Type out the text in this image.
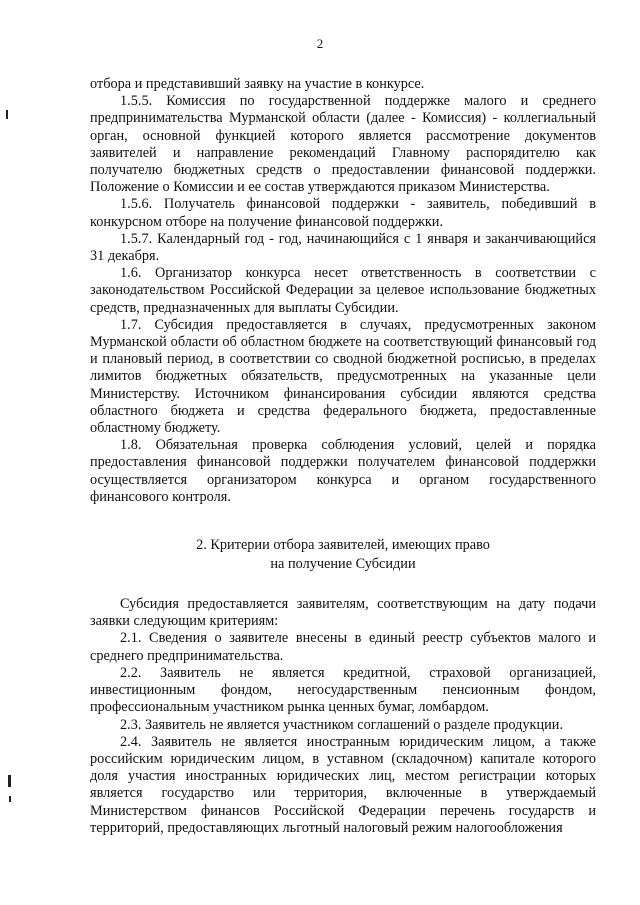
2

отбора и представивший заявку на участие в конкурсе.

1.5.5. Комиссия по государственной поддержке малого и среднего предпринимательства Мурманской области (далее - Комиссия) - коллегиальный орган, основной функцией которого является рассмотрение документов заявителей и направление рекомендаций Главному распорядителю как получателю бюджетных средств о предоставлении финансовой поддержки. Положение о Комиссии и ее состав утверждаются приказом Министерства.

1.5.6. Получатель финансовой поддержки - заявитель, победивший в конкурсном отборе на получение финансовой поддержки.

1.5.7. Календарный год - год, начинающийся с 1 января и заканчивающийся 31 декабря.

1.6. Организатор конкурса несет ответственность в соответствии с законодательством Российской Федерации за целевое использование бюджетных средств, предназначенных для выплаты Субсидии.

1.7. Субсидия предоставляется в случаях, предусмотренных законом Мурманской области об областном бюджете на соответствующий финансовый год и плановый период, в соответствии со сводной бюджетной росписью, в пределах лимитов бюджетных обязательств, предусмотренных на указанные цели Министерству. Источником финансирования субсидии являются средства областного бюджета и средства федерального бюджета, предоставленные областному бюджету.

1.8. Обязательная проверка соблюдения условий, целей и порядка предоставления финансовой поддержки получателем финансовой поддержки осуществляется организатором конкурса и органом государственного финансового контроля.

2. Критерии отбора заявителей, имеющих право
на получение Субсидии

Субсидия предоставляется заявителям, соответствующим на дату подачи заявки следующим критериям:

2.1. Сведения о заявителе внесены в единый реестр субъектов малого и среднего предпринимательства.

2.2. Заявитель не является кредитной, страховой организацией, инвестиционным фондом, негосударственным пенсионным фондом, профессиональным участником рынка ценных бумаг, ломбардом.

2.3. Заявитель не является участником соглашений о разделе продукции.

2.4. Заявитель не является иностранным юридическим лицом, а также российским юридическим лицом, в уставном (складочном) капитале которого доля участия иностранных юридических лиц, местом регистрации которых является государство или территория, включенные в утверждаемый Министерством финансов Российской Федерации перечень государств и территорий, предоставляющих льготный налоговый режим налогообложения
